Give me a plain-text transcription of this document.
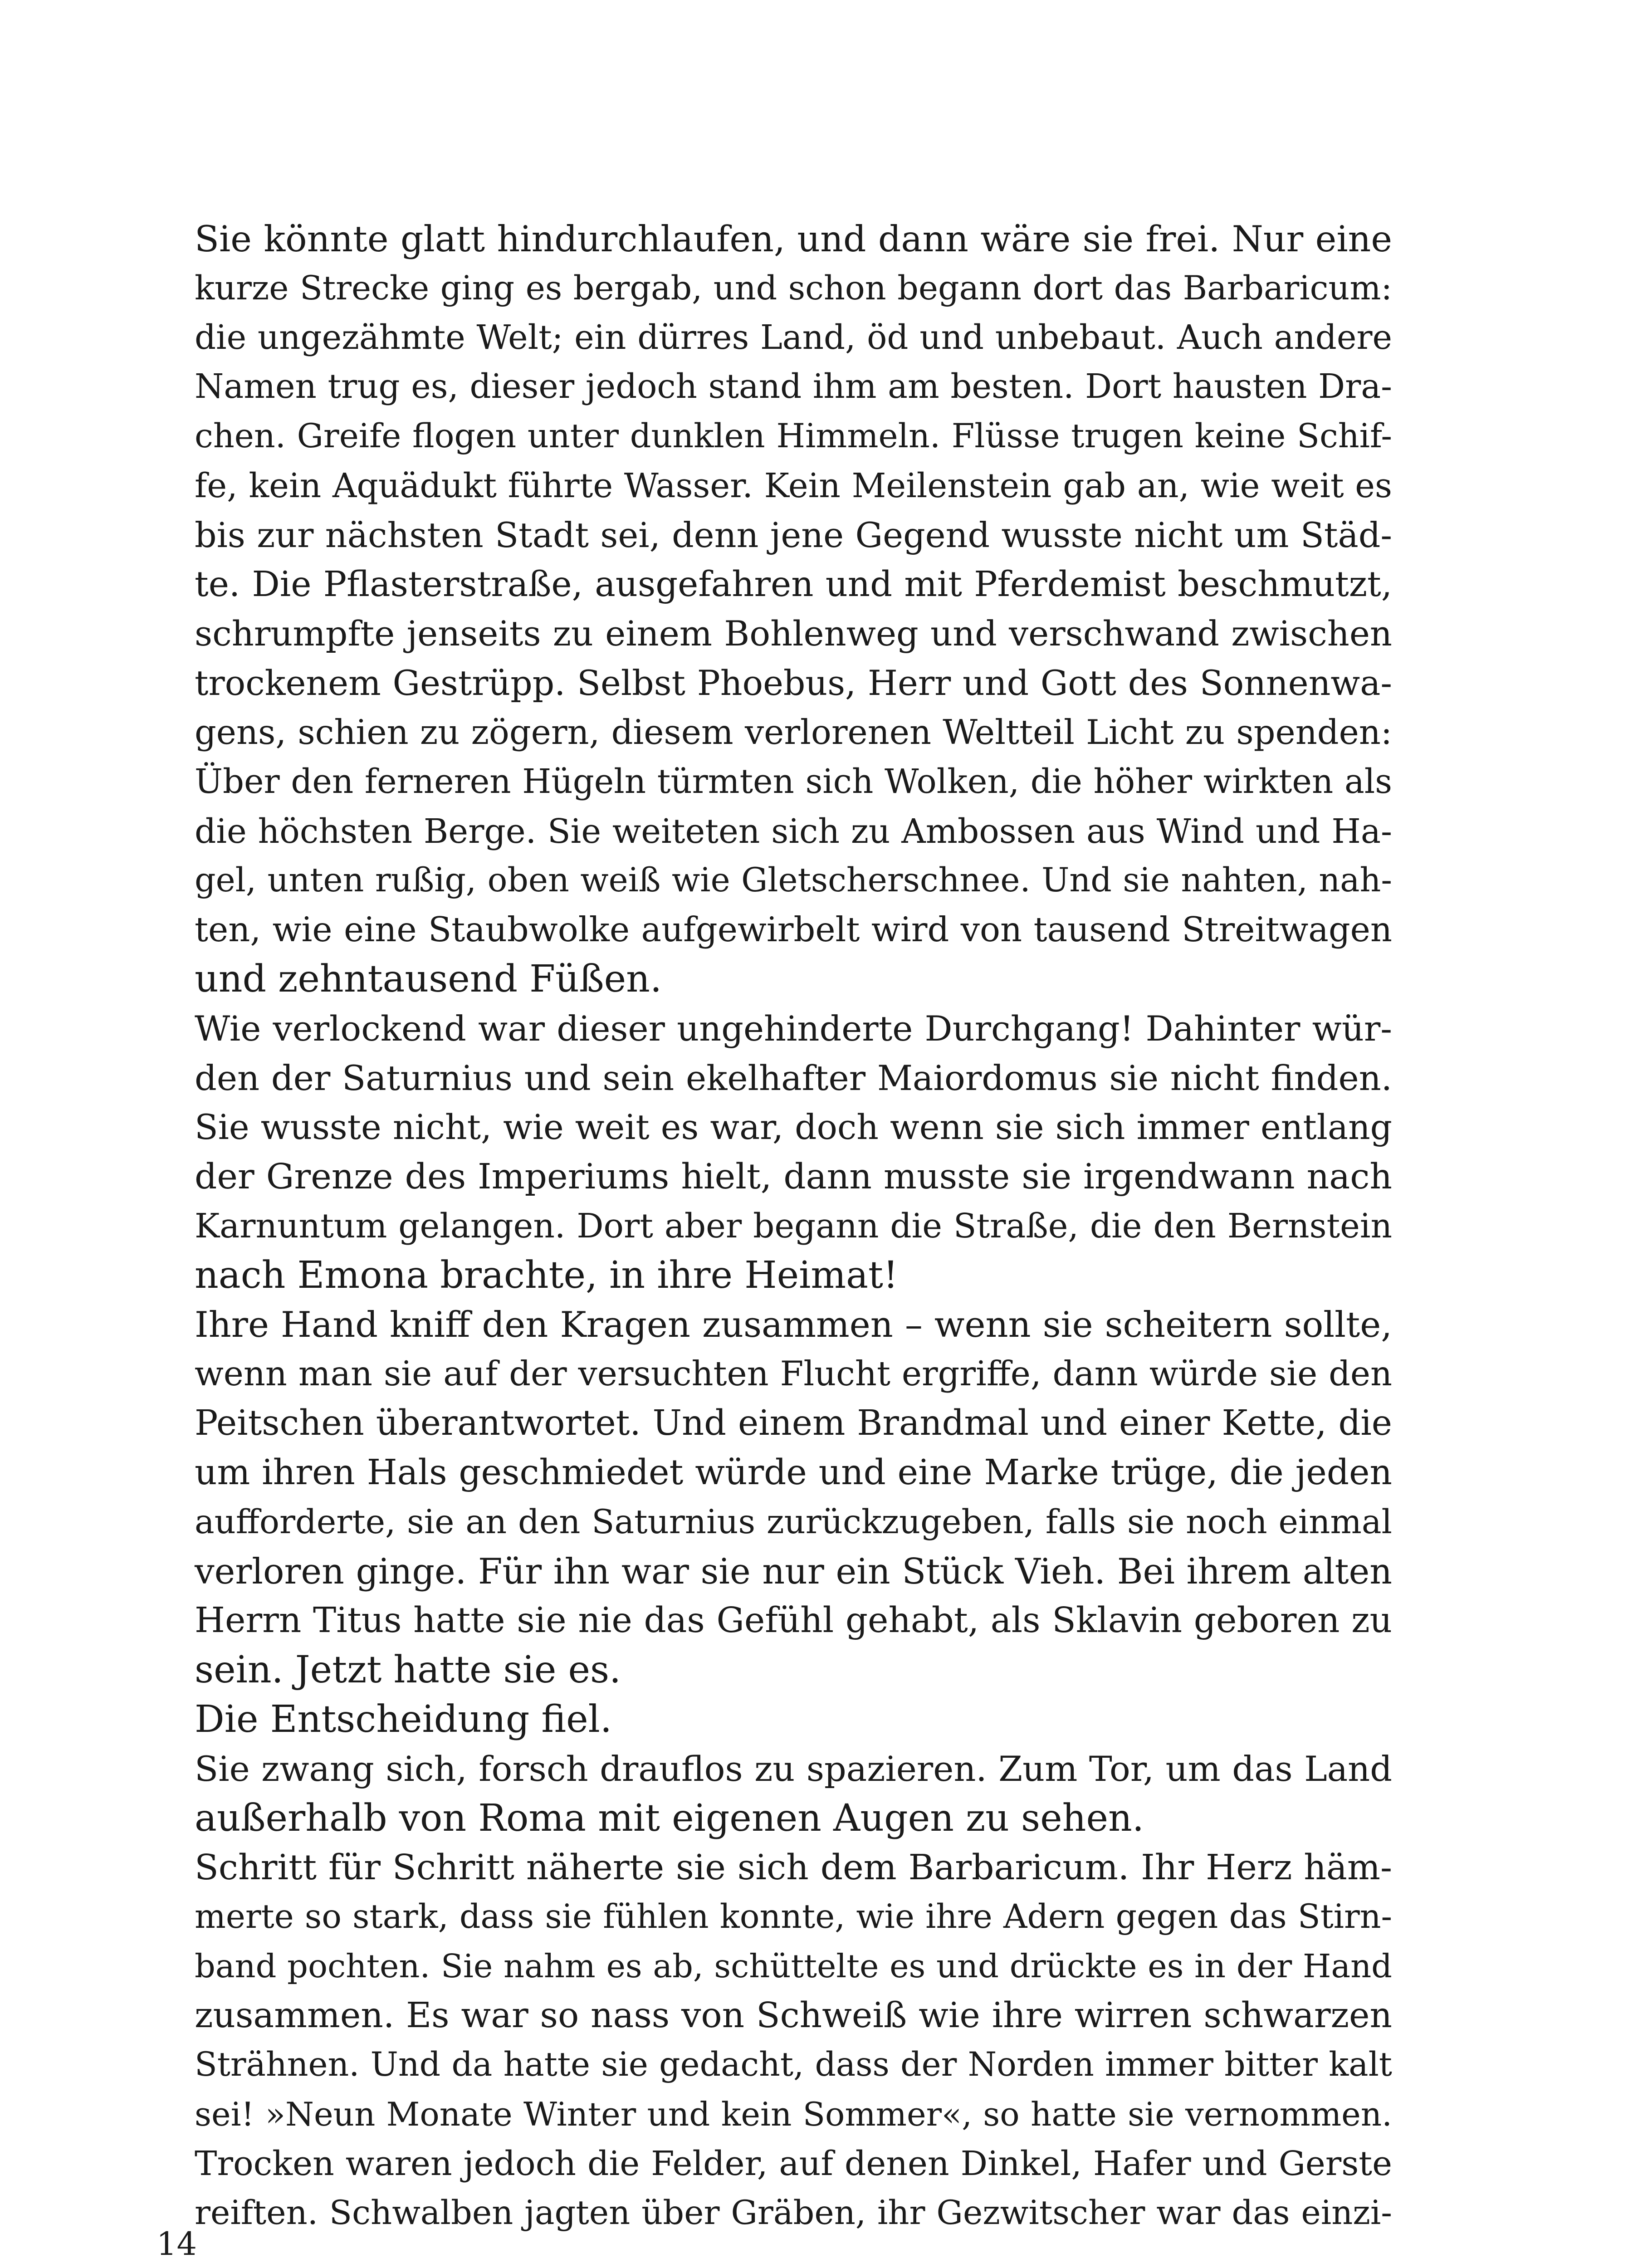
Sie könnte glatt hindurchlaufen, und dann wäre sie frei. Nur eine
kurze Strecke ging es bergab, und schon begann dort das Barbaricum:
die ungezähmte Welt; ein dürres Land, öd und unbebaut. Auch andere
Namen trug es, dieser jedoch stand ihm am besten. Dort hausten Dra-
chen. Greife flogen unter dunklen Himmeln. Flüsse trugen keine Schif-
fe, kein Aquädukt führte Wasser. Kein Meilenstein gab an, wie weit es
bis zur nächsten Stadt sei, denn jene Gegend wusste nicht um Städ-
te. Die Pflasterstraße, ausgefahren und mit Pferdemist beschmutzt,
schrumpfte jenseits zu einem Bohlenweg und verschwand zwischen
trockenem Gestrüpp. Selbst Phoebus, Herr und Gott des Sonnenwa-
gens, schien zu zögern, diesem verlorenen Weltteil Licht zu spenden:
Über den ferneren Hügeln türmten sich Wolken, die höher wirkten als
die höchsten Berge. Sie weiteten sich zu Ambossen aus Wind und Ha-
gel, unten rußig, oben weiß wie Gletscherschnee. Und sie nahten, nah-
ten, wie eine Staubwolke aufgewirbelt wird von tausend Streitwagen
und zehntausend Füßen.
Wie verlockend war dieser ungehinderte Durchgang! Dahinter wür-
den der Saturnius und sein ekelhafter Maiordomus sie nicht finden.
Sie wusste nicht, wie weit es war, doch wenn sie sich immer entlang
der Grenze des Imperiums hielt, dann musste sie irgendwann nach
Karnuntum gelangen. Dort aber begann die Straße, die den Bernstein
nach Emona brachte, in ihre Heimat!
Ihre Hand kniff den Kragen zusammen – wenn sie scheitern sollte,
wenn man sie auf der versuchten Flucht ergriffe, dann würde sie den
Peitschen überantwortet. Und einem Brandmal und einer Kette, die
um ihren Hals geschmiedet würde und eine Marke trüge, die jeden
aufforderte, sie an den Saturnius zurückzugeben, falls sie noch einmal
verloren ginge. Für ihn war sie nur ein Stück Vieh. Bei ihrem alten
Herrn Titus hatte sie nie das Gefühl gehabt, als Sklavin geboren zu
sein. Jetzt hatte sie es.
Die Entscheidung fiel.
Sie zwang sich, forsch drauflos zu spazieren. Zum Tor, um das Land
außerhalb von Roma mit eigenen Augen zu sehen.
Schritt für Schritt näherte sie sich dem Barbaricum. Ihr Herz häm-
merte so stark, dass sie fühlen konnte, wie ihre Adern gegen das Stirn-
band pochten. Sie nahm es ab, schüttelte es und drückte es in der Hand
zusammen. Es war so nass von Schweiß wie ihre wirren schwarzen
Strähnen. Und da hatte sie gedacht, dass der Norden immer bitter kalt
sei! »Neun Monate Winter und kein Sommer«, so hatte sie vernommen.
Trocken waren jedoch die Felder, auf denen Dinkel, Hafer und Gerste
reiften. Schwalben jagten über Gräben, ihr Gezwitscher war das einzi-
14
